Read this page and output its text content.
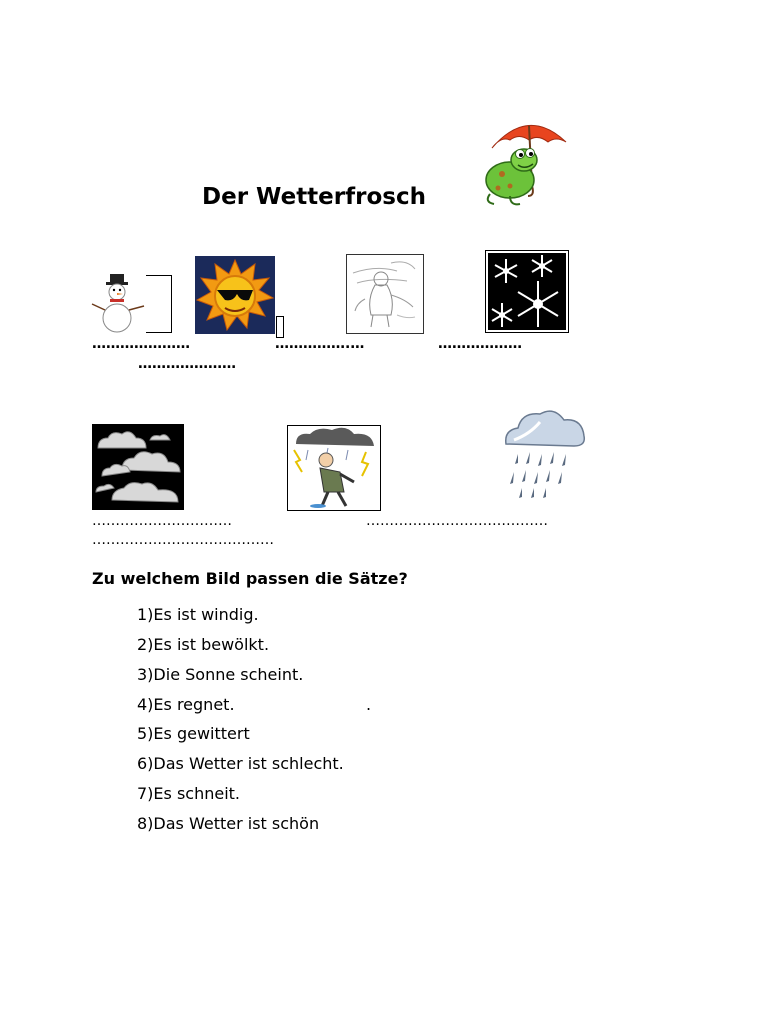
Der Wetterfrosch
…………………	…………….…	………………
…………………
…………………………	…………………………………
…………………………………
Zu welchem Bild passen die Sätze?
1)Es ist windig.
2)Es ist bewölkt.
3)Die Sonne scheint.
4)Es regnet.	.
5)Es gewittert
6)Das Wetter ist schlecht.
7)Es schneit.
8)Das Wetter ist schön
